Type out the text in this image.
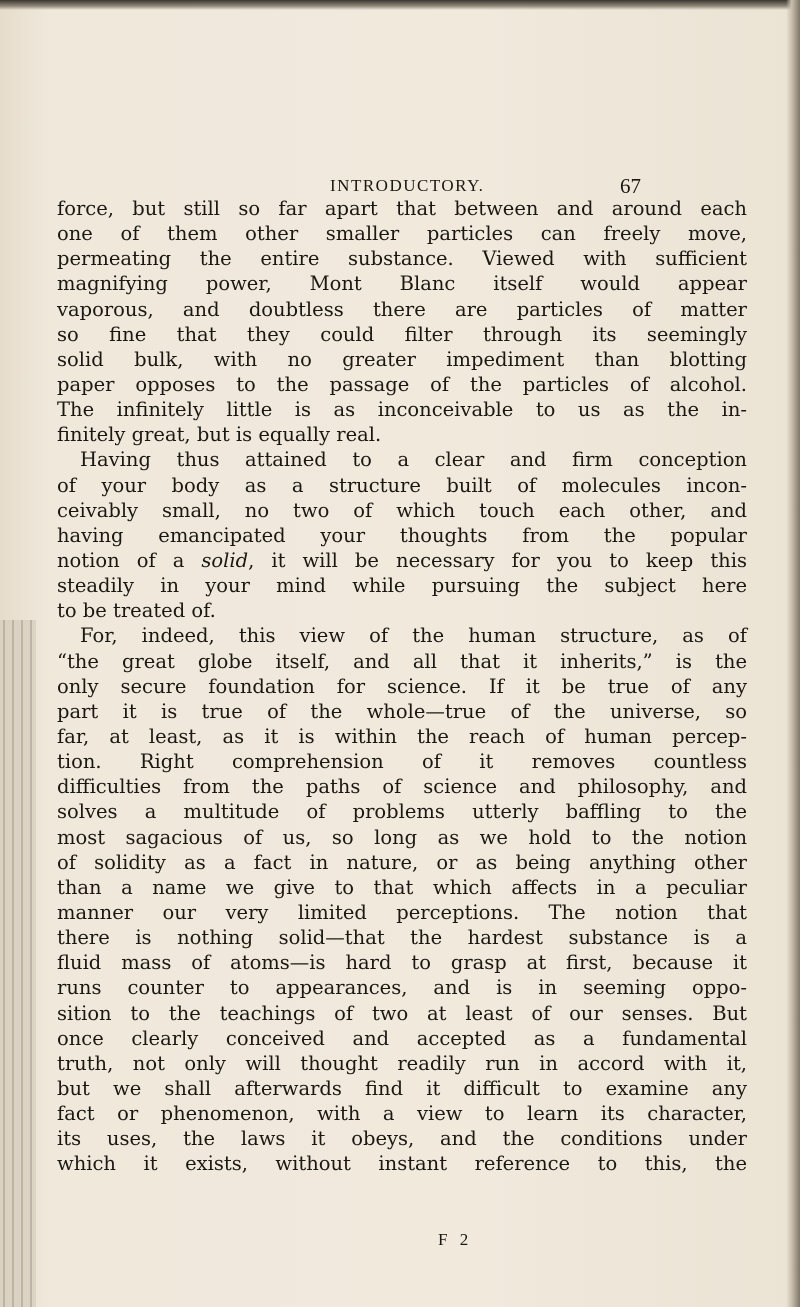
INTRODUCTORY.	67
force, but still so far apart that between and around each
one of them other smaller particles can freely move,
permeating the entire substance. Viewed with sufficient
magnifying power, Mont Blanc itself would appear
vaporous, and doubtless there are particles of matter
so fine that they could filter through its seemingly
solid bulk, with no greater impediment than blotting
paper opposes to the passage of the particles of alcohol.
The infinitely little is as inconceivable to us as the in-
finitely great, but is equally real.
Having thus attained to a clear and firm conception
of your body as a structure built of molecules incon-
ceivably small, no two of which touch each other, and
having emancipated your thoughts from the popular
notion of a solid, it will be necessary for you to keep this
steadily in your mind while pursuing the subject here
to be treated of.
For, indeed, this view of the human structure, as of
“the great globe itself, and all that it inherits,” is the
only secure foundation for science. If it be true of any
part it is true of the whole—true of the universe, so
far, at least, as it is within the reach of human percep-
tion. Right comprehension of it removes countless
difficulties from the paths of science and philosophy, and
solves a multitude of problems utterly baffling to the
most sagacious of us, so long as we hold to the notion
of solidity as a fact in nature, or as being anything other
than a name we give to that which affects in a peculiar
manner our very limited perceptions. The notion that
there is nothing solid—that the hardest substance is a
fluid mass of atoms—is hard to grasp at first, because it
runs counter to appearances, and is in seeming oppo-
sition to the teachings of two at least of our senses. But
once clearly conceived and accepted as a fundamental
truth, not only will thought readily run in accord with it,
but we shall afterwards find it difficult to examine any
fact or phenomenon, with a view to learn its character,
its uses, the laws it obeys, and the conditions under
which it exists, without instant reference to this, the
F 2
